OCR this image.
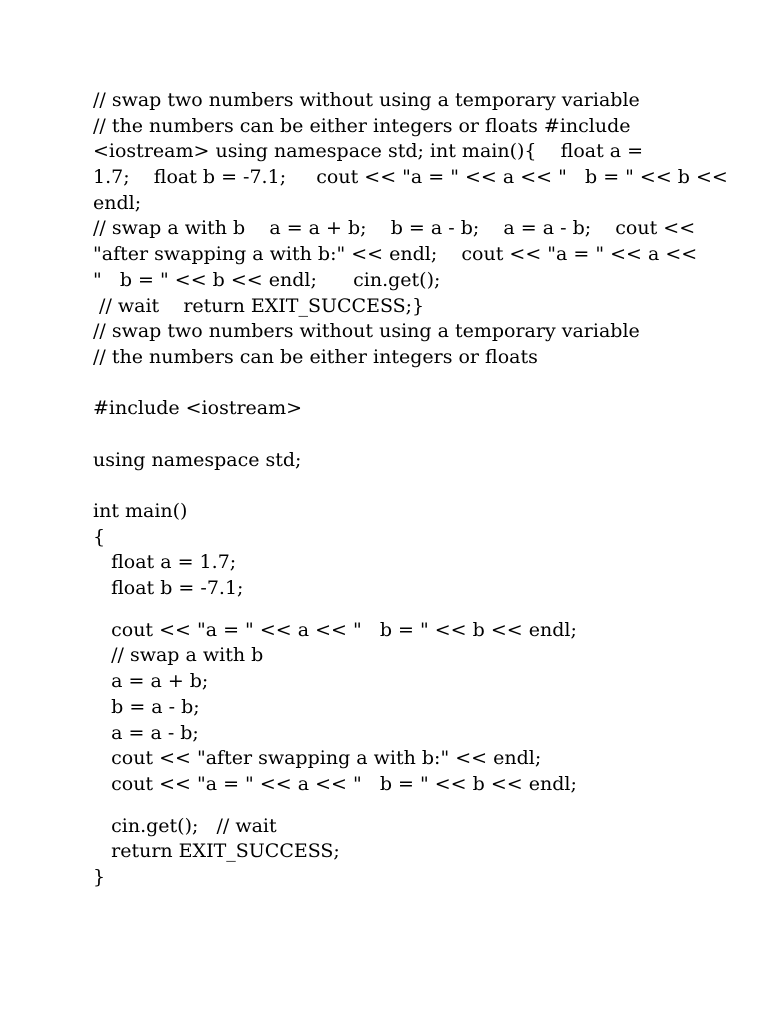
// swap two numbers without using a temporary variable
// the numbers can be either integers or floats #include
<iostream> using namespace std; int main(){    float a =
1.7;    float b = -7.1;     cout << "a = " << a << "   b = " << b <<
endl;
// swap a with b    a = a + b;    b = a - b;    a = a - b;    cout <<
"after swapping a with b:" << endl;    cout << "a = " << a <<
"   b = " << b << endl;      cin.get();
// wait    return EXIT_SUCCESS;}
// swap two numbers without using a temporary variable
// the numbers can be either integers or floats
#include <iostream>
using namespace std;
int main()
{
float a = 1.7;
float b = -7.1;
cout << "a = " << a << "   b = " << b << endl;
// swap a with b
a = a + b;
b = a - b;
a = a - b;
cout << "after swapping a with b:" << endl;
cout << "a = " << a << "   b = " << b << endl;
cin.get();   // wait
return EXIT_SUCCESS;
}
